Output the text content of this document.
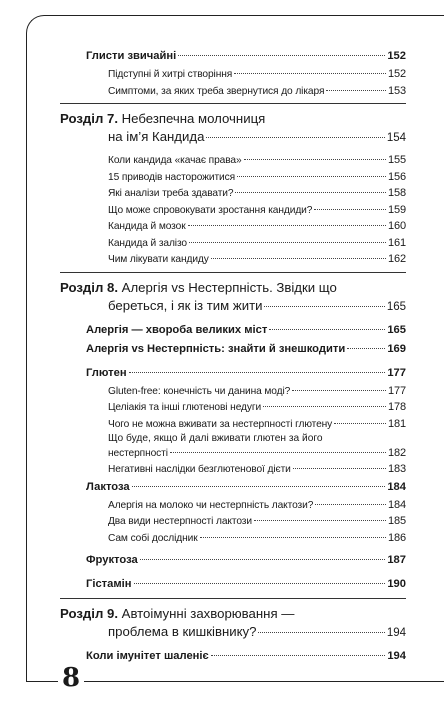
Глисти звичайні	152
Підступні й хитрі створіння	152
Симптоми, за яких треба звернутися до лікаря	153
Розділ 7. Небезпечна молочниця
на ім’я Кандида	154
Коли кандида «качає права»	155
15 приводів насторожитися	156
Які аналізи треба здавати?	158
Що може спровокувати зростання кандиди?	159
Кандида й мозок	160
Кандида й залізо	161
Чим лікувати кандиду	162
Розділ 8. Алергія vs Нестерпність. Звідки що
береться, і як із тим жити	165
Алергія — хвороба великих міст	165
Алергія vs Нестерпність: знайти й знешкодити	169
Глютен	177
Gluten-free: конечність чи данина моді?	177
Целіакія та інші глютенові недуги	178
Чого не можна вживати за нестерпності глютену	181
Що буде, якщо й далі вживати глютен за його
нестерпності	182
Негативні наслідки безглютенової дієти	183
Лактоза	184
Алергія на молоко чи нестерпність лактози?	184
Два види нестерпності лактози	185
Сам собі дослідник	186
Фруктоза	187
Гістамін	190
Розділ 9. Автоімунні захворювання —
проблема в кишківнику?	194
Коли імунітет шаленіє	194
8
